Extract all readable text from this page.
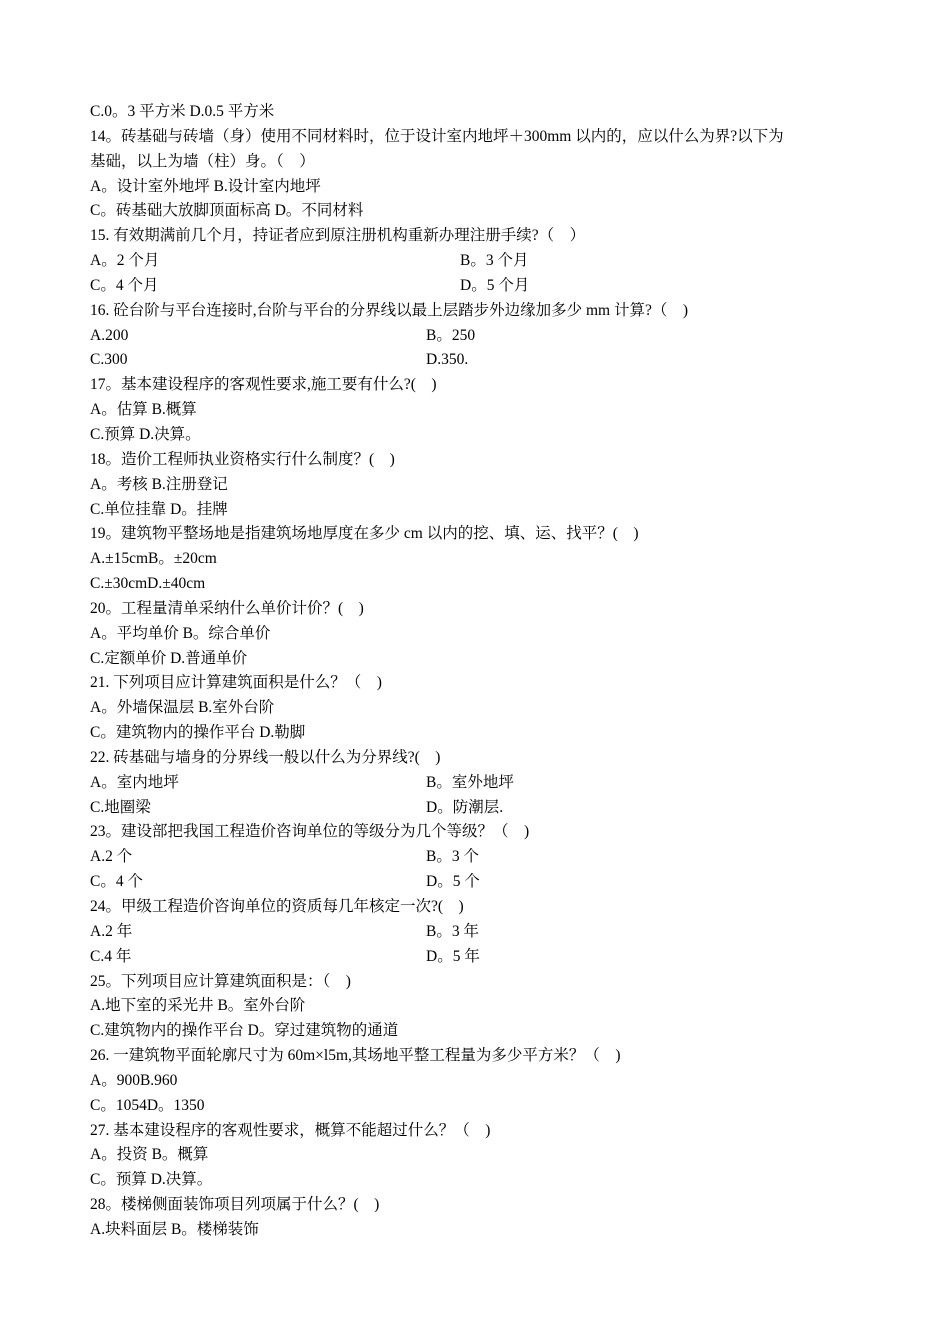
C.0。3 平方米 D.0.5 平方米
14。砖基础与砖墙（身）使用不同材料时，位于设计室内地坪＋300mm 以内的，应以什么为界?以下为
基础，以上为墙（柱）身。（　）
A。设计室外地坪 B.设计室内地坪
C。砖基础大放脚顶面标高 D。不同材料
15. 有效期满前几个月，持证者应到原注册机构重新办理注册手续?（　）
A。2 个月	B。3 个月
C。4 个月	D。5 个月
16. 砼台阶与平台连接时,台阶与平台的分界线以最上层踏步外边缘加多少 mm 计算?（　)
A.200	B。250
C.300	D.350.
17。基本建设程序的客观性要求,施工要有什么?(　)
A。估算 B.概算
C.预算 D.决算。
18。造价工程师执业资格实行什么制度？(　)
A。考核 B.注册登记
C.单位挂靠 D。挂牌
19。建筑物平整场地是指建筑场地厚度在多少 cm 以内的挖、填、运、找平？(　)
A.±15cmB。±20cm
C.±30cmD.±40cm
20。工程量清单采纳什么单价计价？(　)
A。平均单价 B。综合单价
C.定额单价 D.普通单价
21. 下列项目应计算建筑面积是什么？（　)
A。外墙保温层 B.室外台阶
C。建筑物内的操作平台 D.勒脚
22. 砖基础与墙身的分界线一般以什么为分界线?(　)
A。室内地坪	B。室外地坪
C.地圈梁	D。防潮层.
23。建设部把我国工程造价咨询单位的等级分为几个等级？（　)
A.2 个	B。3 个
C。4 个	D。5 个
24。甲级工程造价咨询单位的资质每几年核定一次?(　)
A.2 年	B。3 年
C.4 年	D。5 年
25。下列项目应计算建筑面积是：（　)
A.地下室的采光井 B。室外台阶
C.建筑物内的操作平台 D。穿过建筑物的通道
26. 一建筑物平面轮廓尺寸为 60m×l5m,其场地平整工程量为多少平方米？（　)
A。900B.960
C。1054D。1350
27. 基本建设程序的客观性要求，概算不能超过什么？（　)
A。投资 B。概算
C。预算 D.决算。
28。楼梯侧面装饰项目列项属于什么？(　)
A.块料面层 B。楼梯装饰
